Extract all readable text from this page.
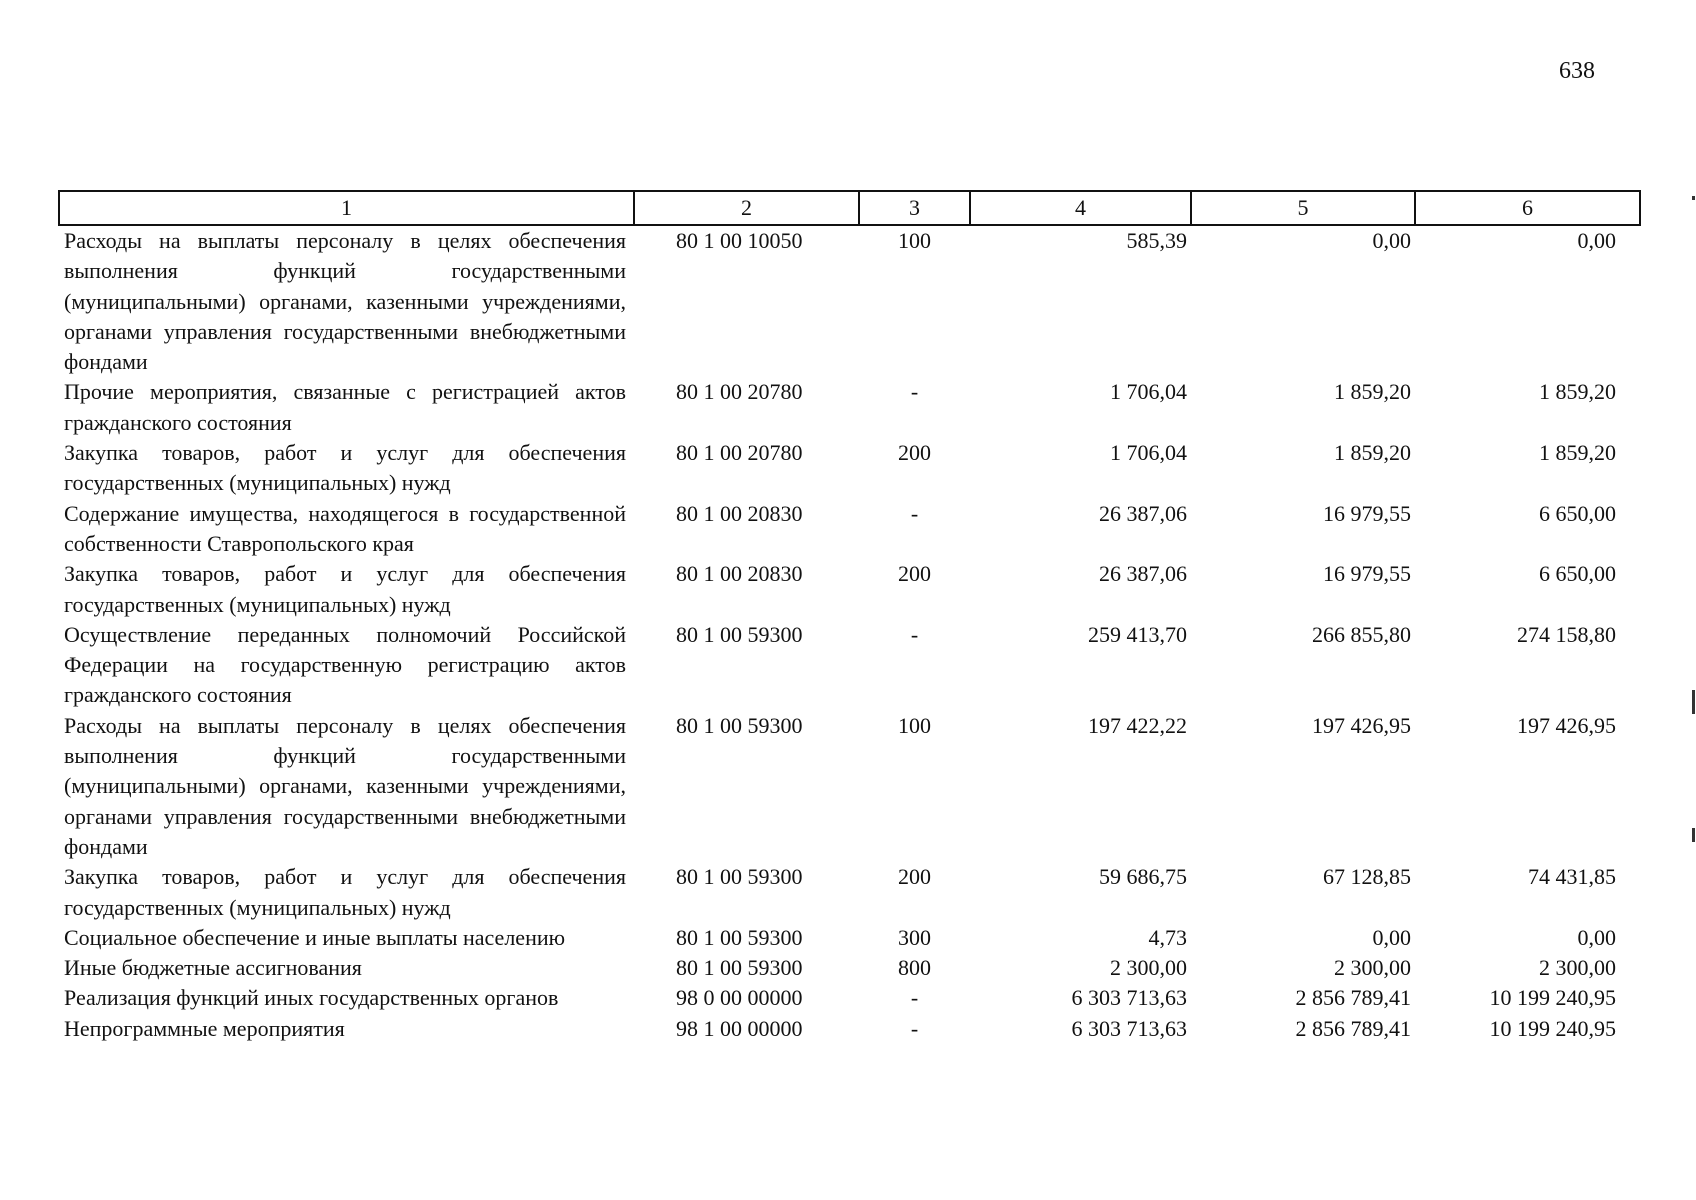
638
1	2	3	4	5	6
Расходы на выплаты персоналу в целях обеспечения выполнения функций государственными (муниципальными) органами, казенными учреждениями, органами управления государственными внебюджетными фондами	80 1 00 10050	100	585,39	0,00	0,00
Прочие мероприятия, связанные с регистрацией актов гражданского состояния	80 1 00 20780	-	1 706,04	1 859,20	1 859,20
Закупка товаров, работ и услуг для обеспечения государственных (муниципальных) нужд	80 1 00 20780	200	1 706,04	1 859,20	1 859,20
Содержание имущества, находящегося в государственной собственности Ставропольского края	80 1 00 20830	-	26 387,06	16 979,55	6 650,00
Закупка товаров, работ и услуг для обеспечения государственных (муниципальных) нужд	80 1 00 20830	200	26 387,06	16 979,55	6 650,00
Осуществление переданных полномочий Российской Федерации на государственную регистрацию актов гражданского состояния	80 1 00 59300	-	259 413,70	266 855,80	274 158,80
Расходы на выплаты персоналу в целях обеспечения выполнения функций государственными (муниципальными) органами, казенными учреждениями, органами управления государственными внебюджетными фондами	80 1 00 59300	100	197 422,22	197 426,95	197 426,95
Закупка товаров, работ и услуг для обеспечения государственных (муниципальных) нужд	80 1 00 59300	200	59 686,75	67 128,85	74 431,85
Социальное обеспечение и иные выплаты населению	80 1 00 59300	300	4,73	0,00	0,00
Иные бюджетные ассигнования	80 1 00 59300	800	2 300,00	2 300,00	2 300,00
Реализация функций иных государственных органов	98 0 00 00000	-	6 303 713,63	2 856 789,41	10 199 240,95
Непрограммные мероприятия	98 1 00 00000	-	6 303 713,63	2 856 789,41	10 199 240,95
